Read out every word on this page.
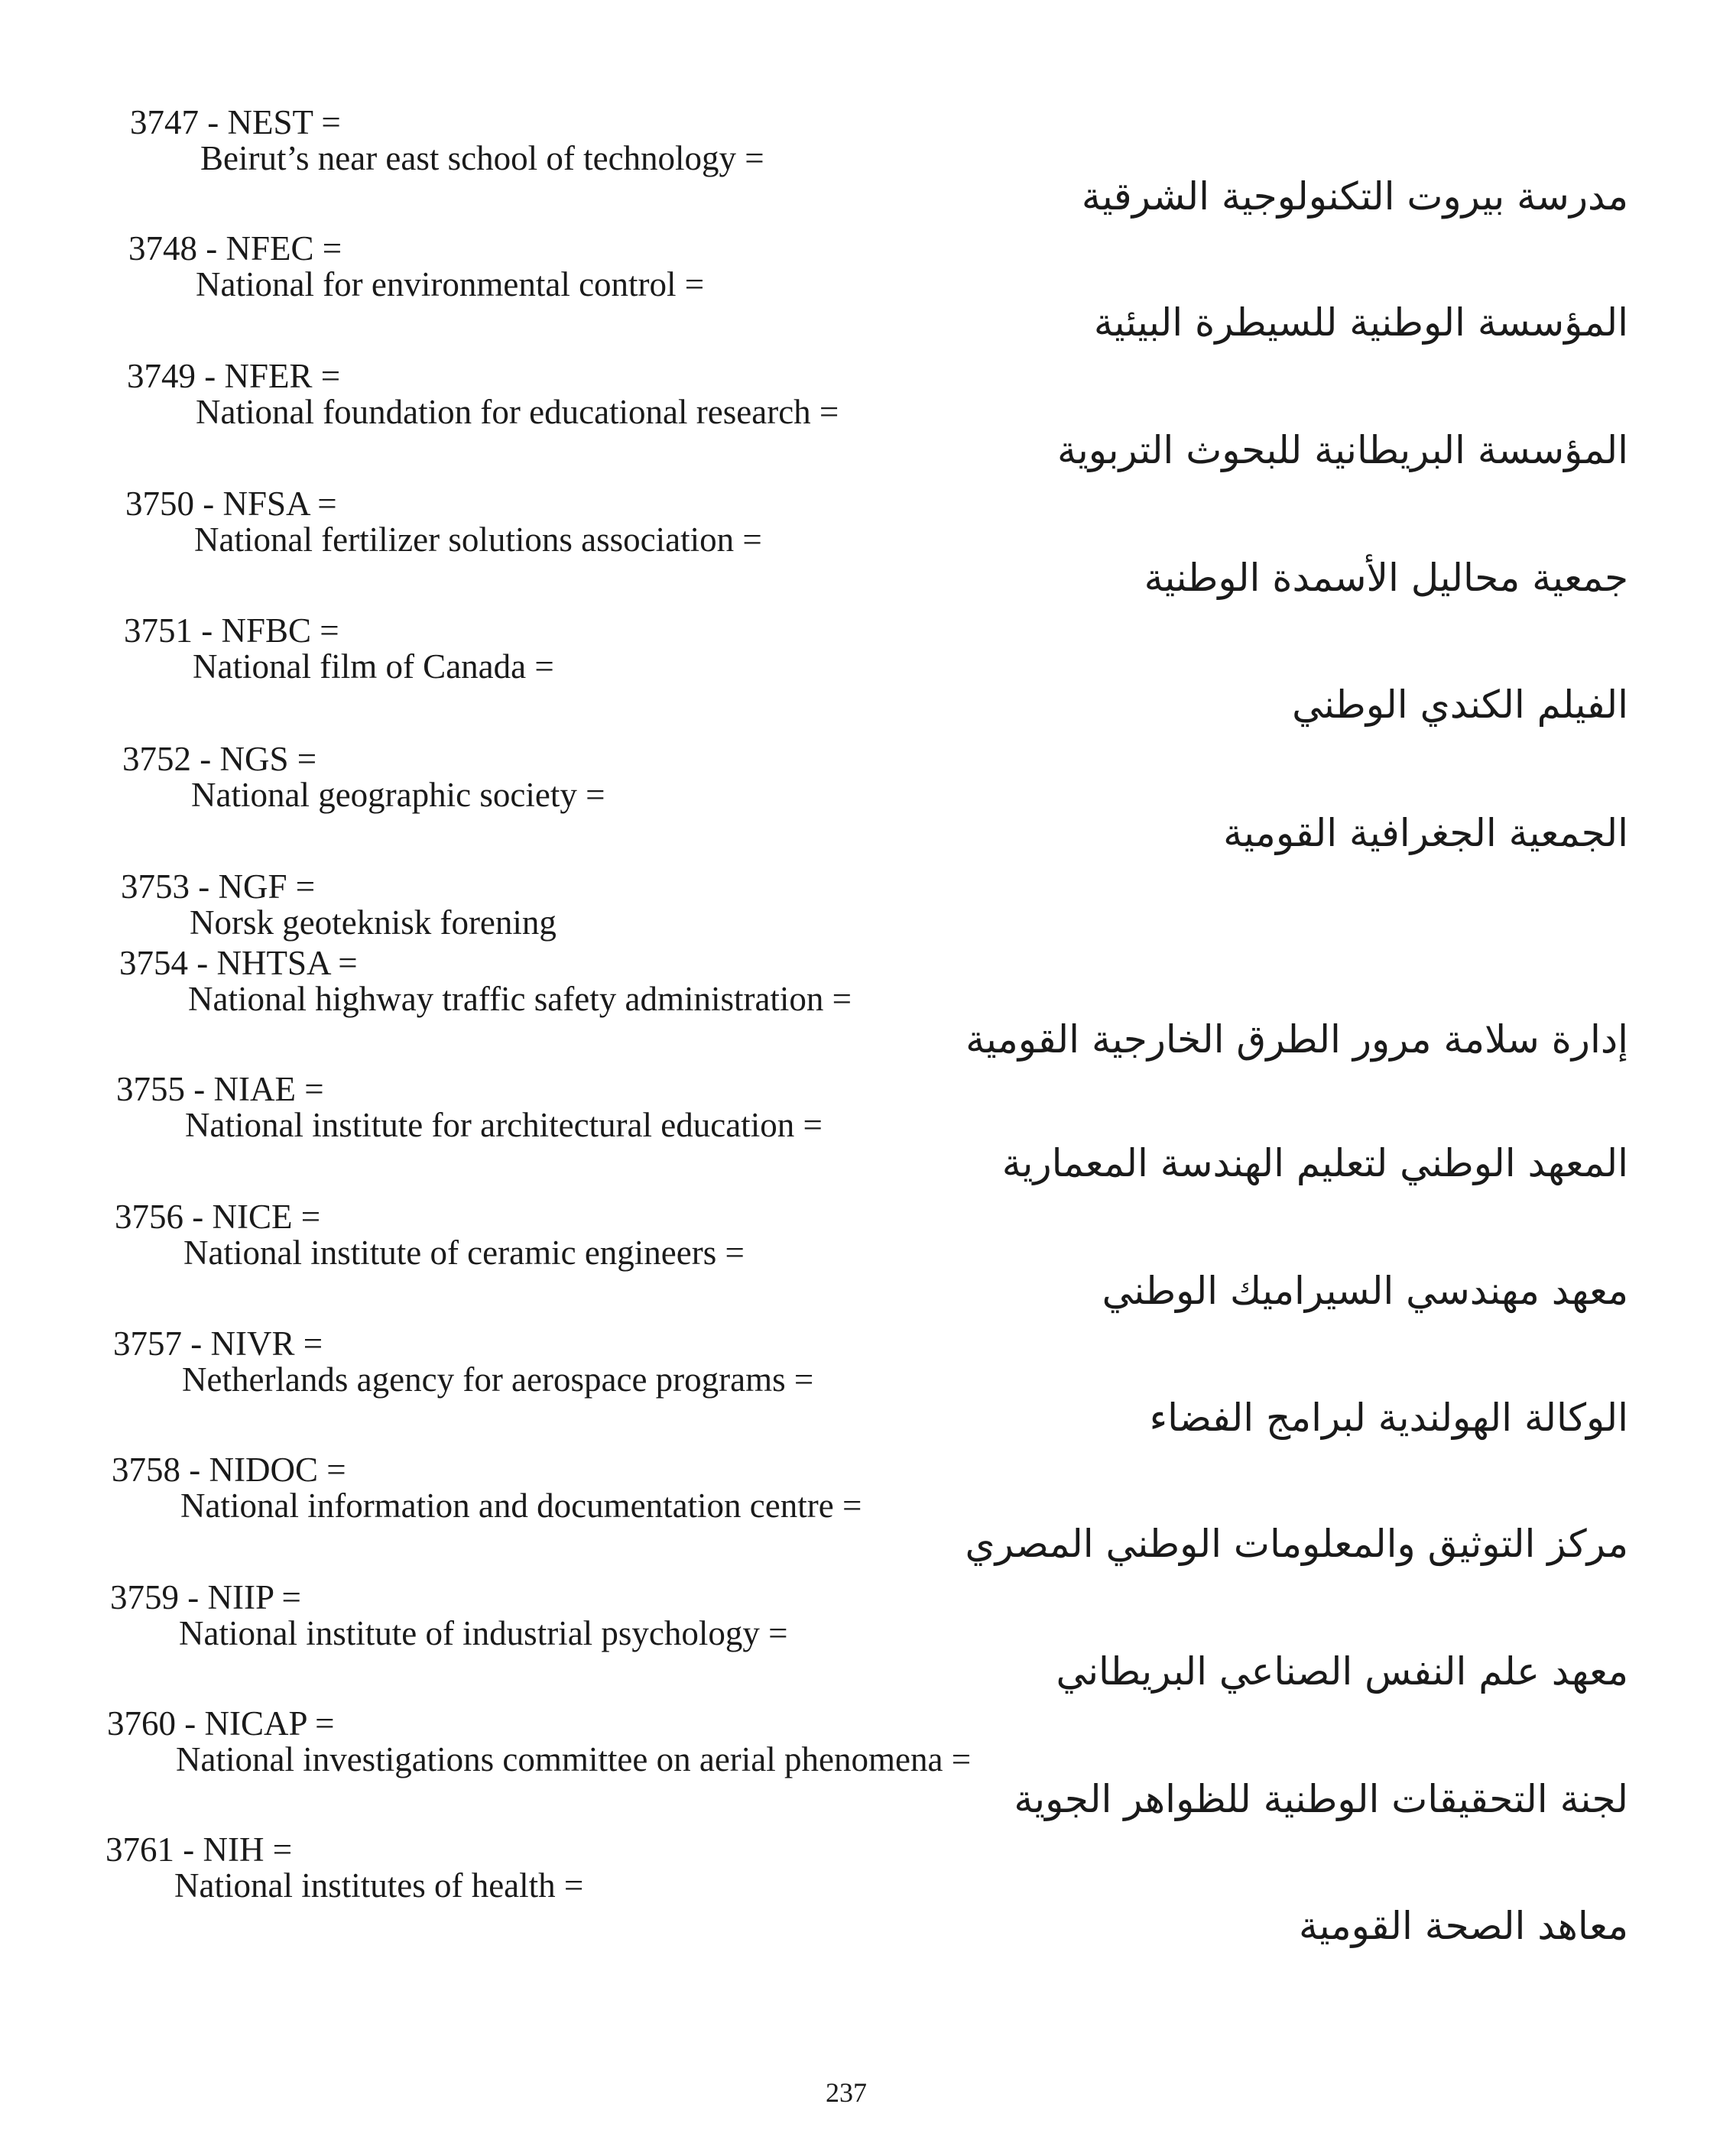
3747 - NEST =
Beirut’s near east school of technology =
مدرسة بيروت التكنولوجية الشرقية
3748 - NFEC =
National for environmental control =
المؤسسة الوطنية للسيطرة البيئية
3749 - NFER =
National foundation for educational research =
المؤسسة البريطانية للبحوث التربوية
3750 - NFSA =
National fertilizer solutions association =
جمعية محاليل الأسمدة الوطنية
3751 - NFBC =
National film of Canada =
الفيلم الكندي الوطني
3752 - NGS =
National geographic society =
الجمعية الجغرافية القومية
3753 - NGF =
Norsk geoteknisk forening
3754 - NHTSA =
National highway traffic safety administration =
إدارة سلامة مرور الطرق الخارجية القومية
3755 - NIAE =
National institute for architectural education =
المعهد الوطني لتعليم الهندسة المعمارية
3756 - NICE =
National institute of ceramic engineers =
معهد مهندسي السيراميك الوطني
3757 - NIVR =
Netherlands agency for aerospace programs =
الوكالة الهولندية لبرامج الفضاء
3758 - NIDOC =
National information and documentation centre =
مركز التوثيق والمعلومات الوطني المصري
3759 - NIIP =
National institute of industrial psychology =
معهد علم النفس الصناعي البريطاني
3760 - NICAP =
National investigations committee on aerial phenomena =
لجنة التحقيقات الوطنية للظواهر الجوية
3761 - NIH =
National institutes of health =
معاهد الصحة القومية
237
